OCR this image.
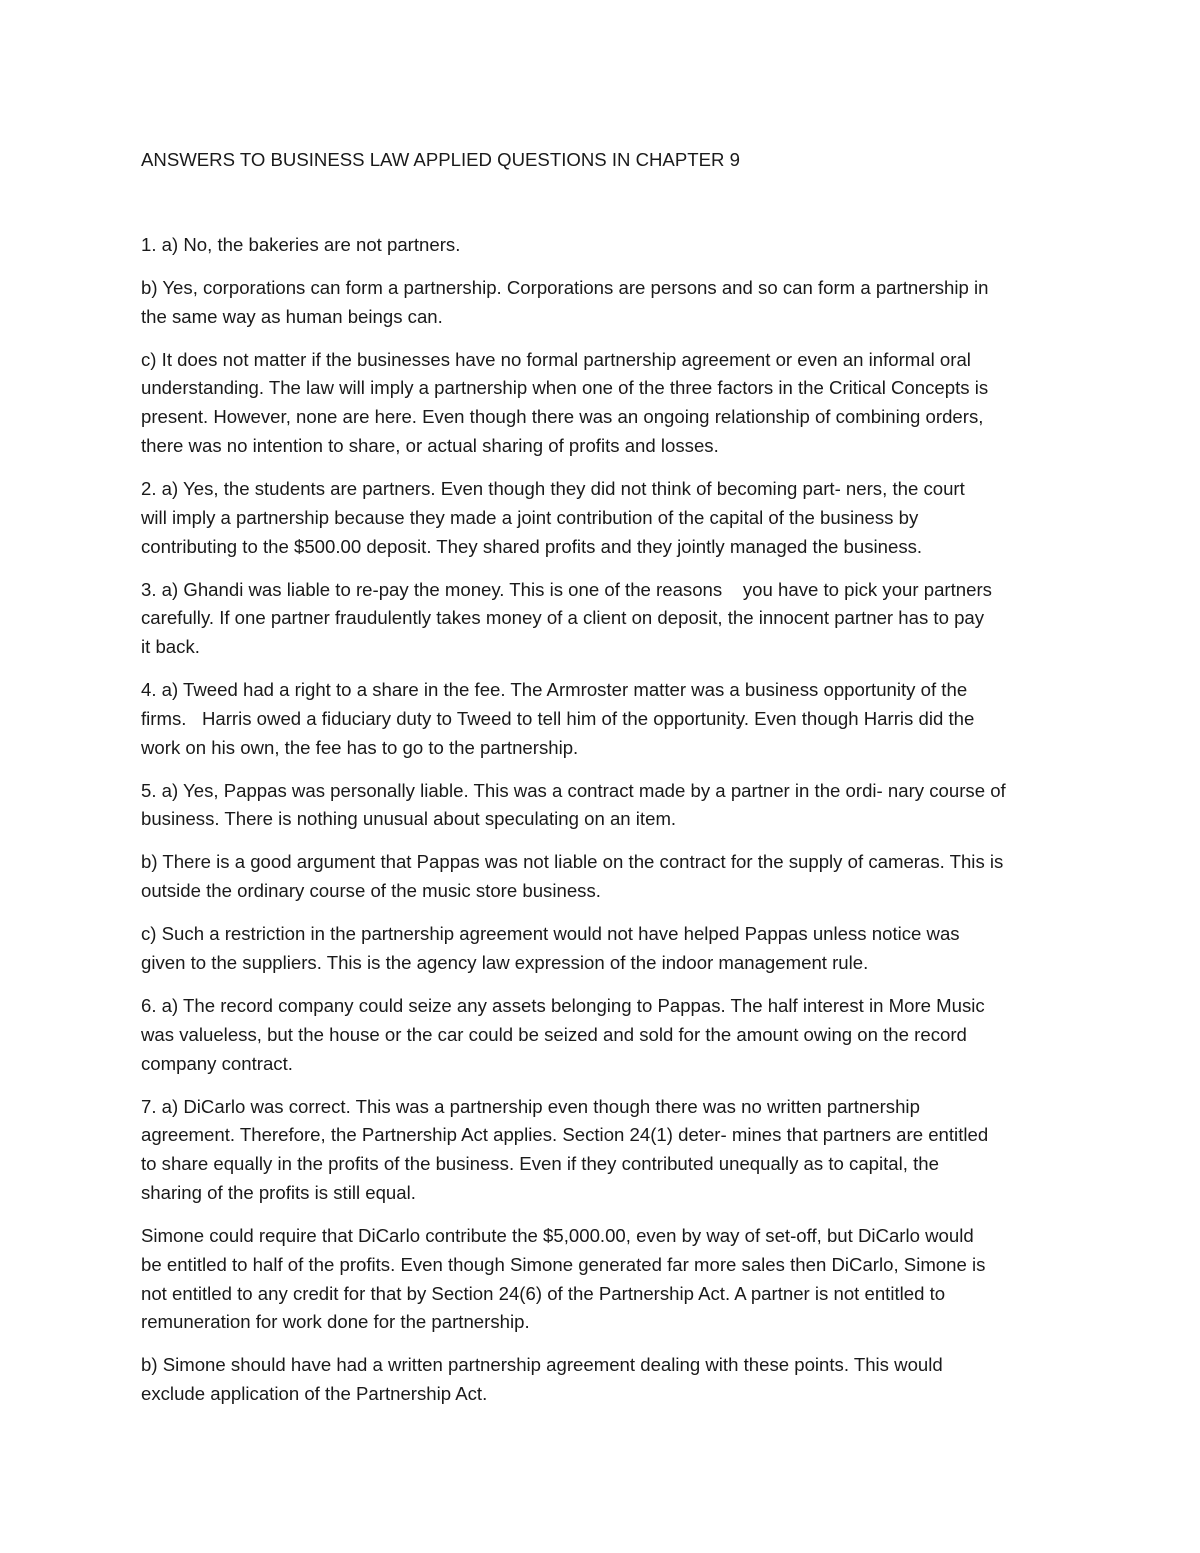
ANSWERS TO BUSINESS LAW APPLIED QUESTIONS IN CHAPTER 9

1. a) No, the bakeries are not partners.

b) Yes, corporations can form a partnership. Corporations are persons and so can form a partnership in
the same way as human beings can.

c) It does not matter if the businesses have no formal partnership agreement or even an informal oral
understanding. The law will imply a partnership when one of the three factors in the Critical Concepts is
present. However, none are here. Even though there was an ongoing relationship of combining orders,
there was no intention to share, or actual sharing of profits and losses.

2. a) Yes, the students are partners. Even though they did not think of becoming part- ners, the court
will imply a partnership because they made a joint contribution of the capital of the business by
contributing to the $500.00 deposit. They shared profits and they jointly managed the business.

3. a) Ghandi was liable to re-pay the money. This is one of the reasons    you have to pick your partners
carefully. If one partner fraudulently takes money of a client on deposit, the innocent partner has to pay
it back.

4. a) Tweed had a right to a share in the fee. The Armroster matter was a business opportunity of the
firms.   Harris owed a fiduciary duty to Tweed to tell him of the opportunity. Even though Harris did the
work on his own, the fee has to go to the partnership.

5. a) Yes, Pappas was personally liable. This was a contract made by a partner in the ordi- nary course of
business. There is nothing unusual about speculating on an item.

b) There is a good argument that Pappas was not liable on the contract for the supply of cameras. This is
outside the ordinary course of the music store business.

c) Such a restriction in the partnership agreement would not have helped Pappas unless notice was
given to the suppliers. This is the agency law expression of the indoor management rule.

6. a) The record company could seize any assets belonging to Pappas. The half interest in More Music
was valueless, but the house or the car could be seized and sold for the amount owing on the record
company contract.

7. a) DiCarlo was correct. This was a partnership even though there was no written partnership
agreement. Therefore, the Partnership Act applies. Section 24(1) deter- mines that partners are entitled
to share equally in the profits of the business. Even if they contributed unequally as to capital, the
sharing of the profits is still equal.

Simone could require that DiCarlo contribute the $5,000.00, even by way of set-off, but DiCarlo would
be entitled to half of the profits. Even though Simone generated far more sales then DiCarlo, Simone is
not entitled to any credit for that by Section 24(6) of the Partnership Act. A partner is not entitled to
remuneration for work done for the partnership.

b) Simone should have had a written partnership agreement dealing with these points. This would
exclude application of the Partnership Act.
